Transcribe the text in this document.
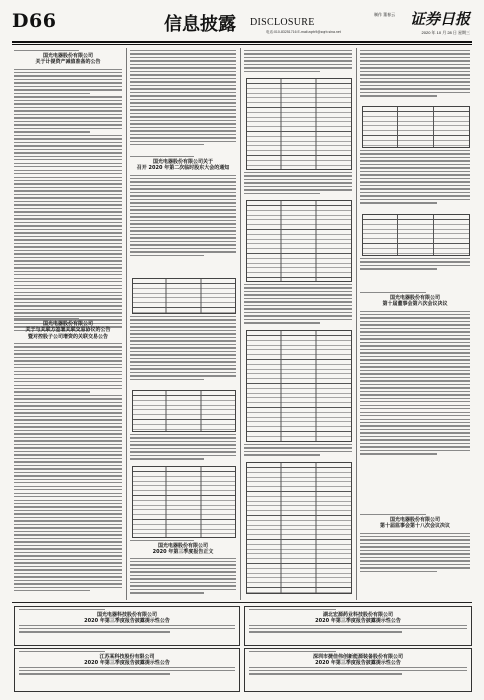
D66	信息披露 DISCLOSURE
制作 董春云 证券日报
电话:010-83251716 E-mail:zqrb9@zqrb.sina.net	2020 年 10 月 28 日 星期三
国光电器股份有限公司
关于计提资产减值准备的公告
国光电器股份有限公司
关于与关联方签署关联交易协议的公告
暨对控股子公司增资的关联交易公告
国光电器股份有限公司关于
召开 2020 年第二次临时股东大会的通知
国光电器股份有限公司
2020 年第三季度报告正文
国光电器股份有限公司
第十届董事会第六次会议决议
国光电器股份有限公司
第十届监事会第十八次会议决议
国光电器科技股份有限公司
2020 年第三季度报告披露提示性公告
江苏某科技股份有限公司
2020 年第三季度报告披露提示性公告
湖北宏源药业科技股份有限公司
2020 年第三季度报告披露提示性公告
深圳市捷佳伟创新能源装备股份有限公司
2020 年第三季度报告披露提示性公告
